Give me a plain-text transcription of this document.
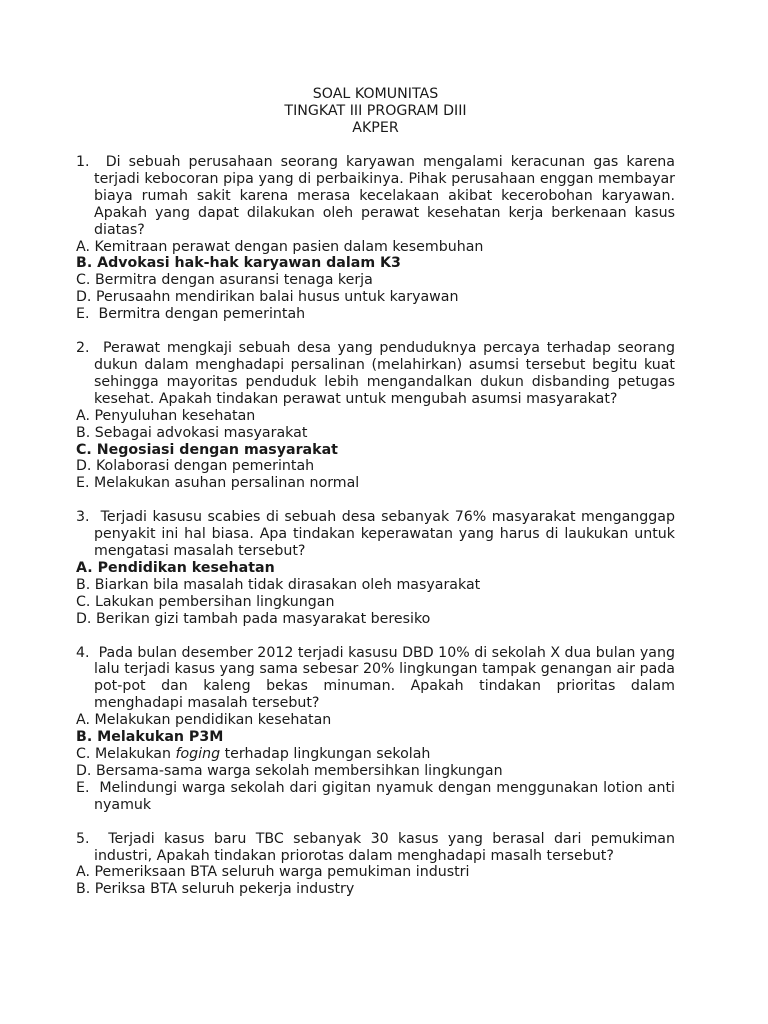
SOAL KOMUNITAS
TINGKAT III PROGRAM DIII
AKPER
1. Di sebuah perusahaan seorang karyawan mengalami keracunan gas karena terjadi kebocoran pipa yang di perbaikinya. Pihak perusahaan enggan membayar biaya rumah sakit karena merasa kecelakaan akibat kecerobohan karyawan. Apakah yang dapat dilakukan oleh perawat kesehatan kerja berkenaan kasus diatas?
A. Kemitraan perawat dengan pasien dalam kesembuhan
B. Advokasi hak-hak karyawan dalam K3
C. Bermitra dengan asuransi tenaga kerja
D. Perusaahn mendirikan balai husus untuk karyawan
E. Bermitra dengan pemerintah
2. Perawat mengkaji sebuah desa yang penduduknya percaya terhadap seorang dukun dalam menghadapi persalinan (melahirkan) asumsi tersebut begitu kuat sehingga mayoritas penduduk lebih mengandalkan dukun disbanding petugas kesehat. Apakah tindakan perawat untuk mengubah asumsi masyarakat?
A. Penyuluhan kesehatan
B. Sebagai advokasi masyarakat
C. Negosiasi dengan masyarakat
D. Kolaborasi dengan pemerintah
E. Melakukan asuhan persalinan normal
3. Terjadi kasusu scabies di sebuah desa sebanyak 76% masyarakat menganggap penyakit ini hal biasa. Apa tindakan keperawatan yang harus di laukukan untuk mengatasi masalah tersebut?
A. Pendidikan kesehatan
B. Biarkan bila masalah tidak dirasakan oleh masyarakat
C. Lakukan pembersihan lingkungan
D. Berikan gizi tambah pada masyarakat beresiko
4. Pada bulan desember 2012 terjadi kasusu DBD 10% di sekolah X dua bulan yang lalu terjadi kasus yang sama sebesar 20% lingkungan tampak genangan air pada pot-pot dan kaleng bekas minuman. Apakah tindakan prioritas dalam menghadapi masalah tersebut?
A. Melakukan pendidikan kesehatan
B. Melakukan P3M
C. Melakukan foging terhadap lingkungan sekolah
D. Bersama-sama warga sekolah membersihkan lingkungan
E. Melindungi warga sekolah dari gigitan nyamuk dengan menggunakan lotion anti nyamuk
5. Terjadi kasus baru TBC sebanyak 30 kasus yang berasal dari pemukiman industri, Apakah tindakan priorotas dalam menghadapi masalh tersebut?
A. Pemeriksaan BTA seluruh warga pemukiman industri
B. Periksa BTA seluruh pekerja industry
